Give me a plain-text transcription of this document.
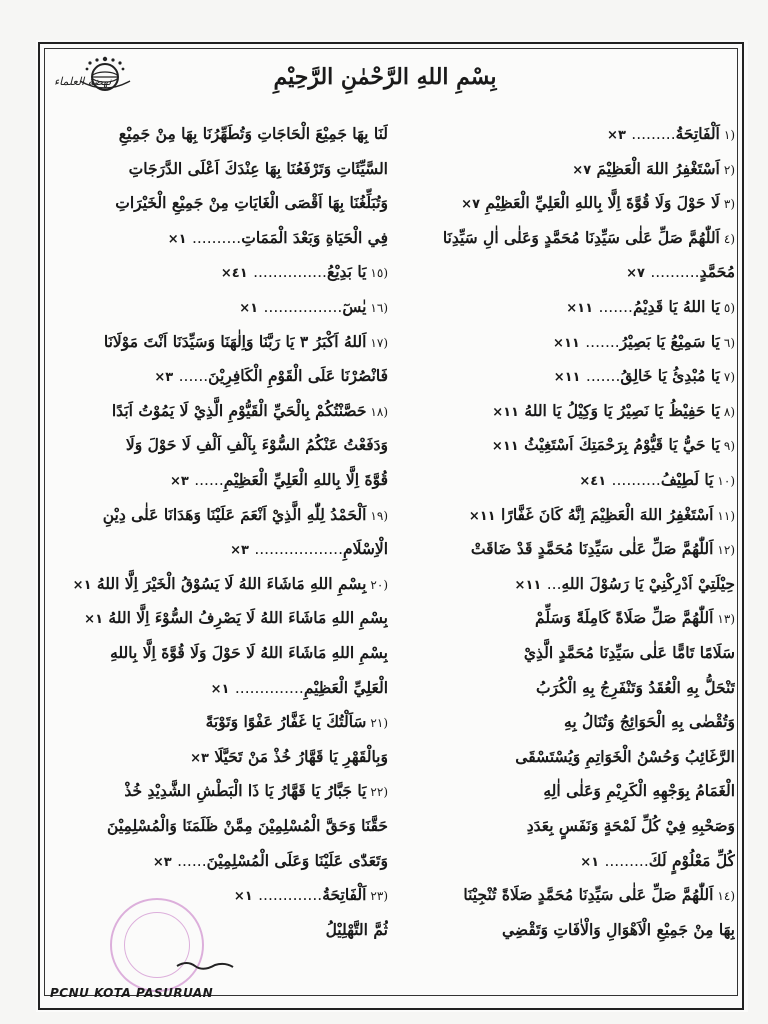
نهضة العلماء	بِسْمِ اللهِ الرَّحْمٰنِ الرَّحِيْمِ
(١اَلْفَاتِحَةُ......... ٣×
(٢اَسْتَغْفِرُ اللهَ الْعَظِيْمَ ٧×
(٣لَا حَوْلَ وَلَا قُوَّةَ اِلَّا بِاللهِ الْعَلِيِّ الْعَظِيْمِ ٧×
(٤اَللّٰهُمَّ صَلِّ عَلٰى سَيِّدِنَا مُحَمَّدٍ وَعَلٰى اٰلِ سَيِّدِنَا
مُحَمَّدٍ.......... ٧×
(٥يَا اللهُ يَا قَدِيْمُ....... ١١×
(٦يَا سَمِيْعُ يَا بَصِيْرُ....... ١١×
(٧يَا مُبْدِئُ يَا خَالِقُ....... ١١×
(٨يَا حَفِيْظُ يَا نَصِيْرُ يَا وَكِيْلُ يَا اللهُ ١١×
(٩يَا حَيُّ يَا قَيُّوْمُ بِرَحْمَتِكَ اَسْتَغِيْثُ ١١×
(١٠يَا لَطِيْفُ.......... ٤١×
(١١اَسْتَغْفِرُ اللهَ الْعَظِيْمَ اِنَّهُ كَانَ غَفَّارًا ١١×
(١٢اَللّٰهُمَّ صَلِّ عَلٰى سَيِّدِنَا مُحَمَّدٍ قَدْ ضَاقَتْ
حِيْلَتِيْ اَدْرِكْنِيْ يَا رَسُوْلَ اللهِ... ١١×
(١٣اَللّٰهُمَّ صَلِّ صَلَاةً كَامِلَةً وَسَلِّمْ
سَلَامًا تَامًّا عَلٰى سَيِّدِنَا مُحَمَّدٍ الَّذِيْ
تَنْحَلُّ بِهِ الْعُقَدُ وَتَنْفَرِجُ بِهِ الْكُرَبُ
وَتُقْضٰى بِهِ الْحَوَائِجُ وَتُنَالُ بِهِ
الرَّغَائِبُ وَحُسْنُ الْخَوَاتِمِ وَيُسْتَسْقَى
الْغَمَامُ بِوَجْهِهِ الْكَرِيْمِ وَعَلٰى اٰلِهِ
وَصَحْبِهِ فِيْ كُلِّ لَمْحَةٍ وَنَفَسٍ بِعَدَدِ
كُلِّ مَعْلُوْمٍ لَكَ......... ١×
(١٤اَللّٰهُمَّ صَلِّ عَلٰى سَيِّدِنَا مُحَمَّدٍ صَلَاةً تُنْجِيْنَا
بِهَا مِنْ جَمِيْعِ الْاَهْوَالِ وَالْاٰفَاتِ وَتَقْضِي
لَنَا بِهَا جَمِيْعَ الْحَاجَاتِ وَتُطَهِّرُنَا بِهَا مِنْ جَمِيْعِ
السَّيِّئَاتِ وَتَرْفَعُنَا بِهَا عِنْدَكَ اَعْلَى الدَّرَجَاتِ
وَتُبَلِّغُنَا بِهَا اَقْصَى الْغَايَاتِ مِنْ جَمِيْعِ الْخَيْرَاتِ
فِي الْحَيَاةِ وَبَعْدَ الْمَمَاتِ.......... ١×
(١٥يَا بَدِيْعُ............... ٤١×
(١٦يٰسٓ................ ١×
(١٧اَللهُ اَكْبَرُ ٣ يَا رَبَّنَا وَاِلٰهَنَا وَسَيِّدَنَا اَنْتَ مَوْلَانَا
فَانْصُرْنَا عَلَى الْقَوْمِ الْكَافِرِيْنَ...... ٣×
(١٨حَصَّنْتُكُمْ بِالْحَيِّ الْقَيُّوْمِ الَّذِيْ لَا يَمُوْتُ اَبَدًا
وَدَفَعْتُ عَنْكُمُ السُّوْءَ بِاَلْفِ اَلْفِ لَا حَوْلَ وَلَا
قُوَّةَ اِلَّا بِاللهِ الْعَلِيِّ الْعَظِيْمِ...... ٣×
(١٩اَلْحَمْدُ لِلّٰهِ الَّذِيْ اَنْعَمَ عَلَيْنَا وَهَدَانَا عَلٰى دِيْنِ
الْاِسْلَامِ.................. ٣×
(٢٠بِسْمِ اللهِ مَاشَاءَ اللهُ لَا يَسُوْقُ الْخَيْرَ اِلَّا اللهُ ١×
بِسْمِ اللهِ مَاشَاءَ اللهُ لَا يَصْرِفُ السُّوْءَ اِلَّا اللهُ ١×
بِسْمِ اللهِ مَاشَاءَ اللهُ لَا حَوْلَ وَلَا قُوَّةَ اِلَّا بِاللهِ
الْعَلِيِّ الْعَظِيْمِ.............. ١×
(٢١سَاَلْتُكَ يَا غَفَّارُ عَفْوًا وَتَوْبَةً
وَبِالْقَهْرِ يَا قَهَّارُ خُذْ مَنْ تَحَيَّلَا ٣×
(٢٢يَا جَبَّارُ يَا قَهَّارُ يَا ذَا الْبَطْشِ الشَّدِيْدِ خُذْ
حَقَّنَا وَحَقَّ الْمُسْلِمِيْنَ مِمَّنْ ظَلَمَنَا وَالْمُسْلِمِيْنَ
وَتَعَدّٰى عَلَيْنَا وَعَلَى الْمُسْلِمِيْنَ...... ٣×
(٢٣اَلْفَاتِحَةُ............. ١×
ثُمَّ التَّهْلِيْلُ
PCNU KOTA PASURUAN
